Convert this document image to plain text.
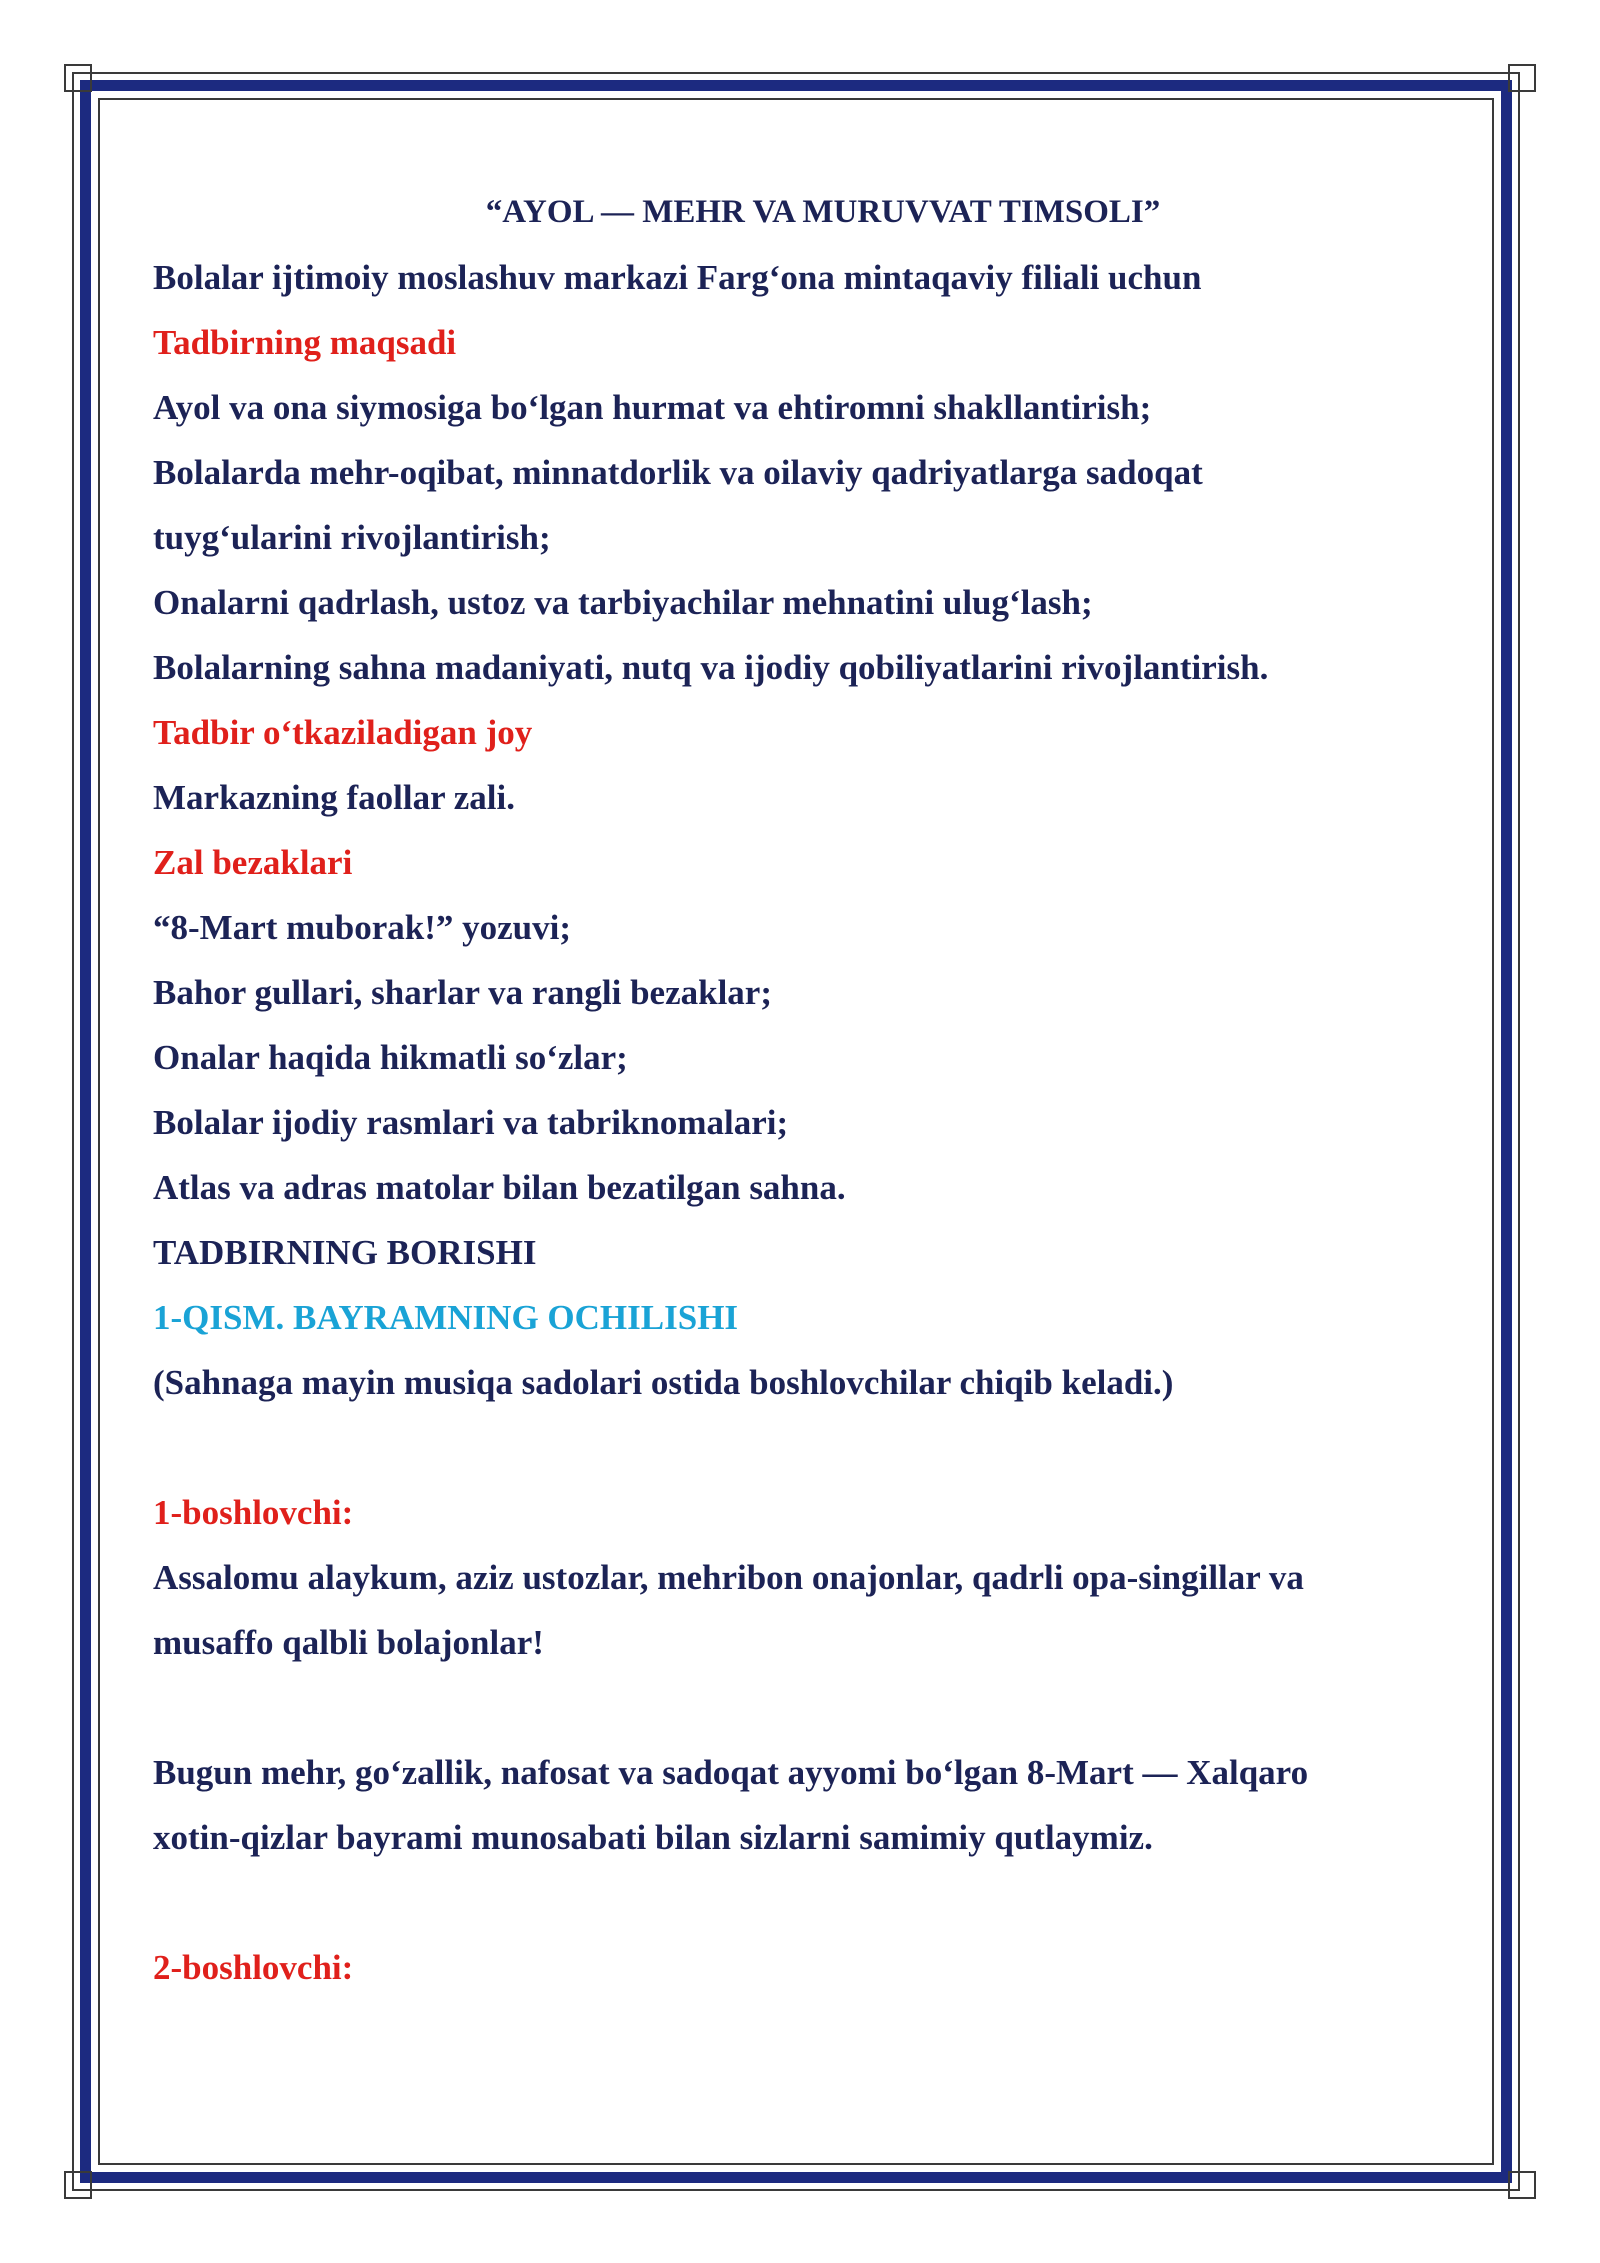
“AYOL — MEHR VA MURUVVAT TIMSOLI”
Bolalar ijtimoiy moslashuv markazi Farg‘ona mintaqaviy filiali uchun
Tadbirning maqsadi
Ayol va ona siymosiga bo‘lgan hurmat va ehtiromni shakllantirish;
Bolalarda mehr-oqibat, minnatdorlik va oilaviy qadriyatlarga sadoqat
tuyg‘ularini rivojlantirish;
Onalarni qadrlash, ustoz va tarbiyachilar mehnatini ulug‘lash;
Bolalarning sahna madaniyati, nutq va ijodiy qobiliyatlarini rivojlantirish.
Tadbir o‘tkaziladigan joy
Markazning faollar zali.
Zal bezaklari
“8-Mart muborak!” yozuvi;
Bahor gullari, sharlar va rangli bezaklar;
Onalar haqida hikmatli so‘zlar;
Bolalar ijodiy rasmlari va tabriknomalari;
Atlas va adras matolar bilan bezatilgan sahna.
TADBIRNING BORISHI
1-QISM. BAYRAMNING OCHILISHI
(Sahnaga mayin musiqa sadolari ostida boshlovchilar chiqib keladi.)
1-boshlovchi:
Assalomu alaykum, aziz ustozlar, mehribon onajonlar, qadrli opa-singillar va
musaffo qalbli bolajonlar!
Bugun mehr, go‘zallik, nafosat va sadoqat ayyomi bo‘lgan 8-Mart — Xalqaro
xotin-qizlar bayrami munosabati bilan sizlarni samimiy qutlaymiz.
2-boshlovchi:
